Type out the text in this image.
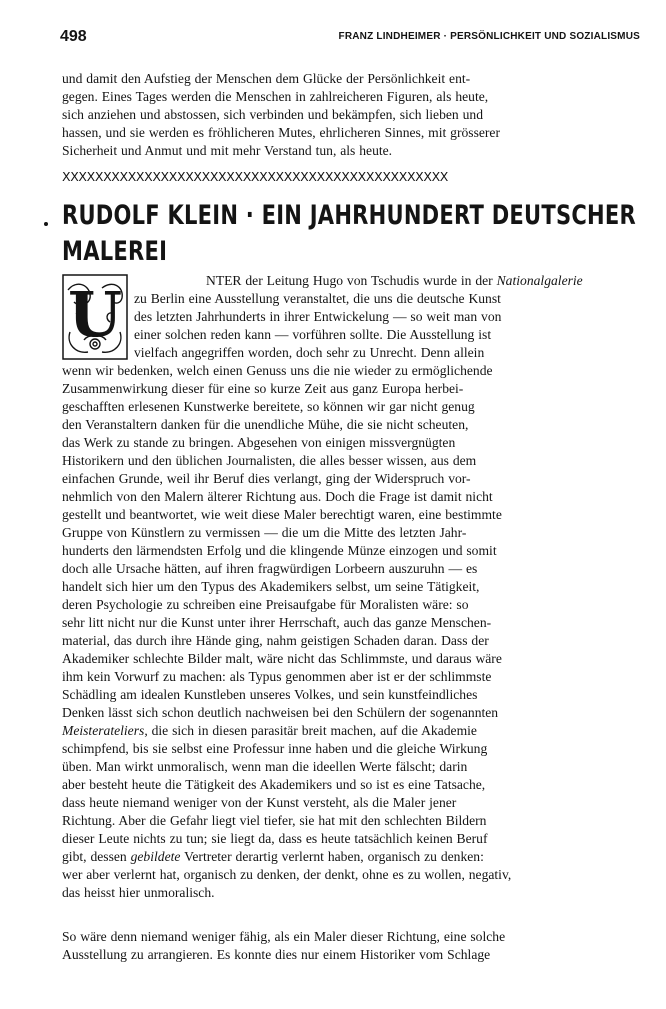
498	FRANZ LINDHEIMER · PERSÖNLICHKEIT UND SOZIALISMUS
und damit den Aufstieg der Menschen dem Glücke der Persönlichkeit ent-
gegen. Eines Tages werden die Menschen in zahlreicheren Figuren, als heute,
sich anziehen und abstossen, sich verbinden und bekämpfen, sich lieben und
hassen, und sie werden es fröhlicheren Mutes, ehrlicheren Sinnes, mit grösserer
Sicherheit und Anmut und mit mehr Verstand tun, als heute.
XXXXXXXXXXXXXXXXXXXXXXXXXXXXXXXXXXXXXXXXXXXXXXX
RUDOLF KLEIN · EIN JAHRHUNDERT DEUTSCHER
MALEREI
U	NTER der Leitung Hugo von Tschudis wurde in der Nationalgalerie
zu Berlin eine Ausstellung veranstaltet, die uns die deutsche Kunst
des letzten Jahrhunderts in ihrer Entwickelung — so weit man von
einer solchen reden kann — vorführen sollte. Die Ausstellung ist
vielfach angegriffen worden, doch sehr zu Unrecht. Denn allein
wenn wir bedenken, welch einen Genuss uns die nie wieder zu ermöglichende
Zusammenwirkung dieser für eine so kurze Zeit aus ganz Europa herbei-
geschafften erlesenen Kunstwerke bereitete, so können wir gar nicht genug
den Veranstaltern danken für die unendliche Mühe, die sie nicht scheuten,
das Werk zu stande zu bringen. Abgesehen von einigen missvergnügten
Historikern und den üblichen Journalisten, die alles besser wissen, aus dem
einfachen Grunde, weil ihr Beruf dies verlangt, ging der Widerspruch vor-
nehmlich von den Malern älterer Richtung aus. Doch die Frage ist damit nicht
gestellt und beantwortet, wie weit diese Maler berechtigt waren, eine bestimmte
Gruppe von Künstlern zu vermissen — die um die Mitte des letzten Jahr-
hunderts den lärmendsten Erfolg und die klingende Münze einzogen und somit
doch alle Ursache hätten, auf ihren fragwürdigen Lorbeern auszuruhn — es
handelt sich hier um den Typus des Akademikers selbst, um seine Tätigkeit,
deren Psychologie zu schreiben eine Preisaufgabe für Moralisten wäre: so
sehr litt nicht nur die Kunst unter ihrer Herrschaft, auch das ganze Menschen-
material, das durch ihre Hände ging, nahm geistigen Schaden daran. Dass der
Akademiker schlechte Bilder malt, wäre nicht das Schlimmste, und daraus wäre
ihm kein Vorwurf zu machen: als Typus genommen aber ist er der schlimmste
Schädling am idealen Kunstleben unseres Volkes, und sein kunstfeindliches
Denken lässt sich schon deutlich nachweisen bei den Schülern der sogenannten
Meisterateliers, die sich in diesen parasitär breit machen, auf die Akademie
schimpfend, bis sie selbst eine Professur inne haben und die gleiche Wirkung
üben. Man wirkt unmoralisch, wenn man die ideellen Werte fälscht; darin
aber besteht heute die Tätigkeit des Akademikers und so ist es eine Tatsache,
dass heute niemand weniger von der Kunst versteht, als die Maler jener
Richtung. Aber die Gefahr liegt viel tiefer, sie hat mit den schlechten Bildern
dieser Leute nichts zu tun; sie liegt da, dass es heute tatsächlich keinen Beruf
gibt, dessen gebildete Vertreter derartig verlernt haben, organisch zu denken:
wer aber verlernt hat, organisch zu denken, der denkt, ohne es zu wollen, negativ,
das heisst hier unmoralisch.
So wäre denn niemand weniger fähig, als ein Maler dieser Richtung, eine solche
Ausstellung zu arrangieren. Es konnte dies nur einem Historiker vom Schlage
